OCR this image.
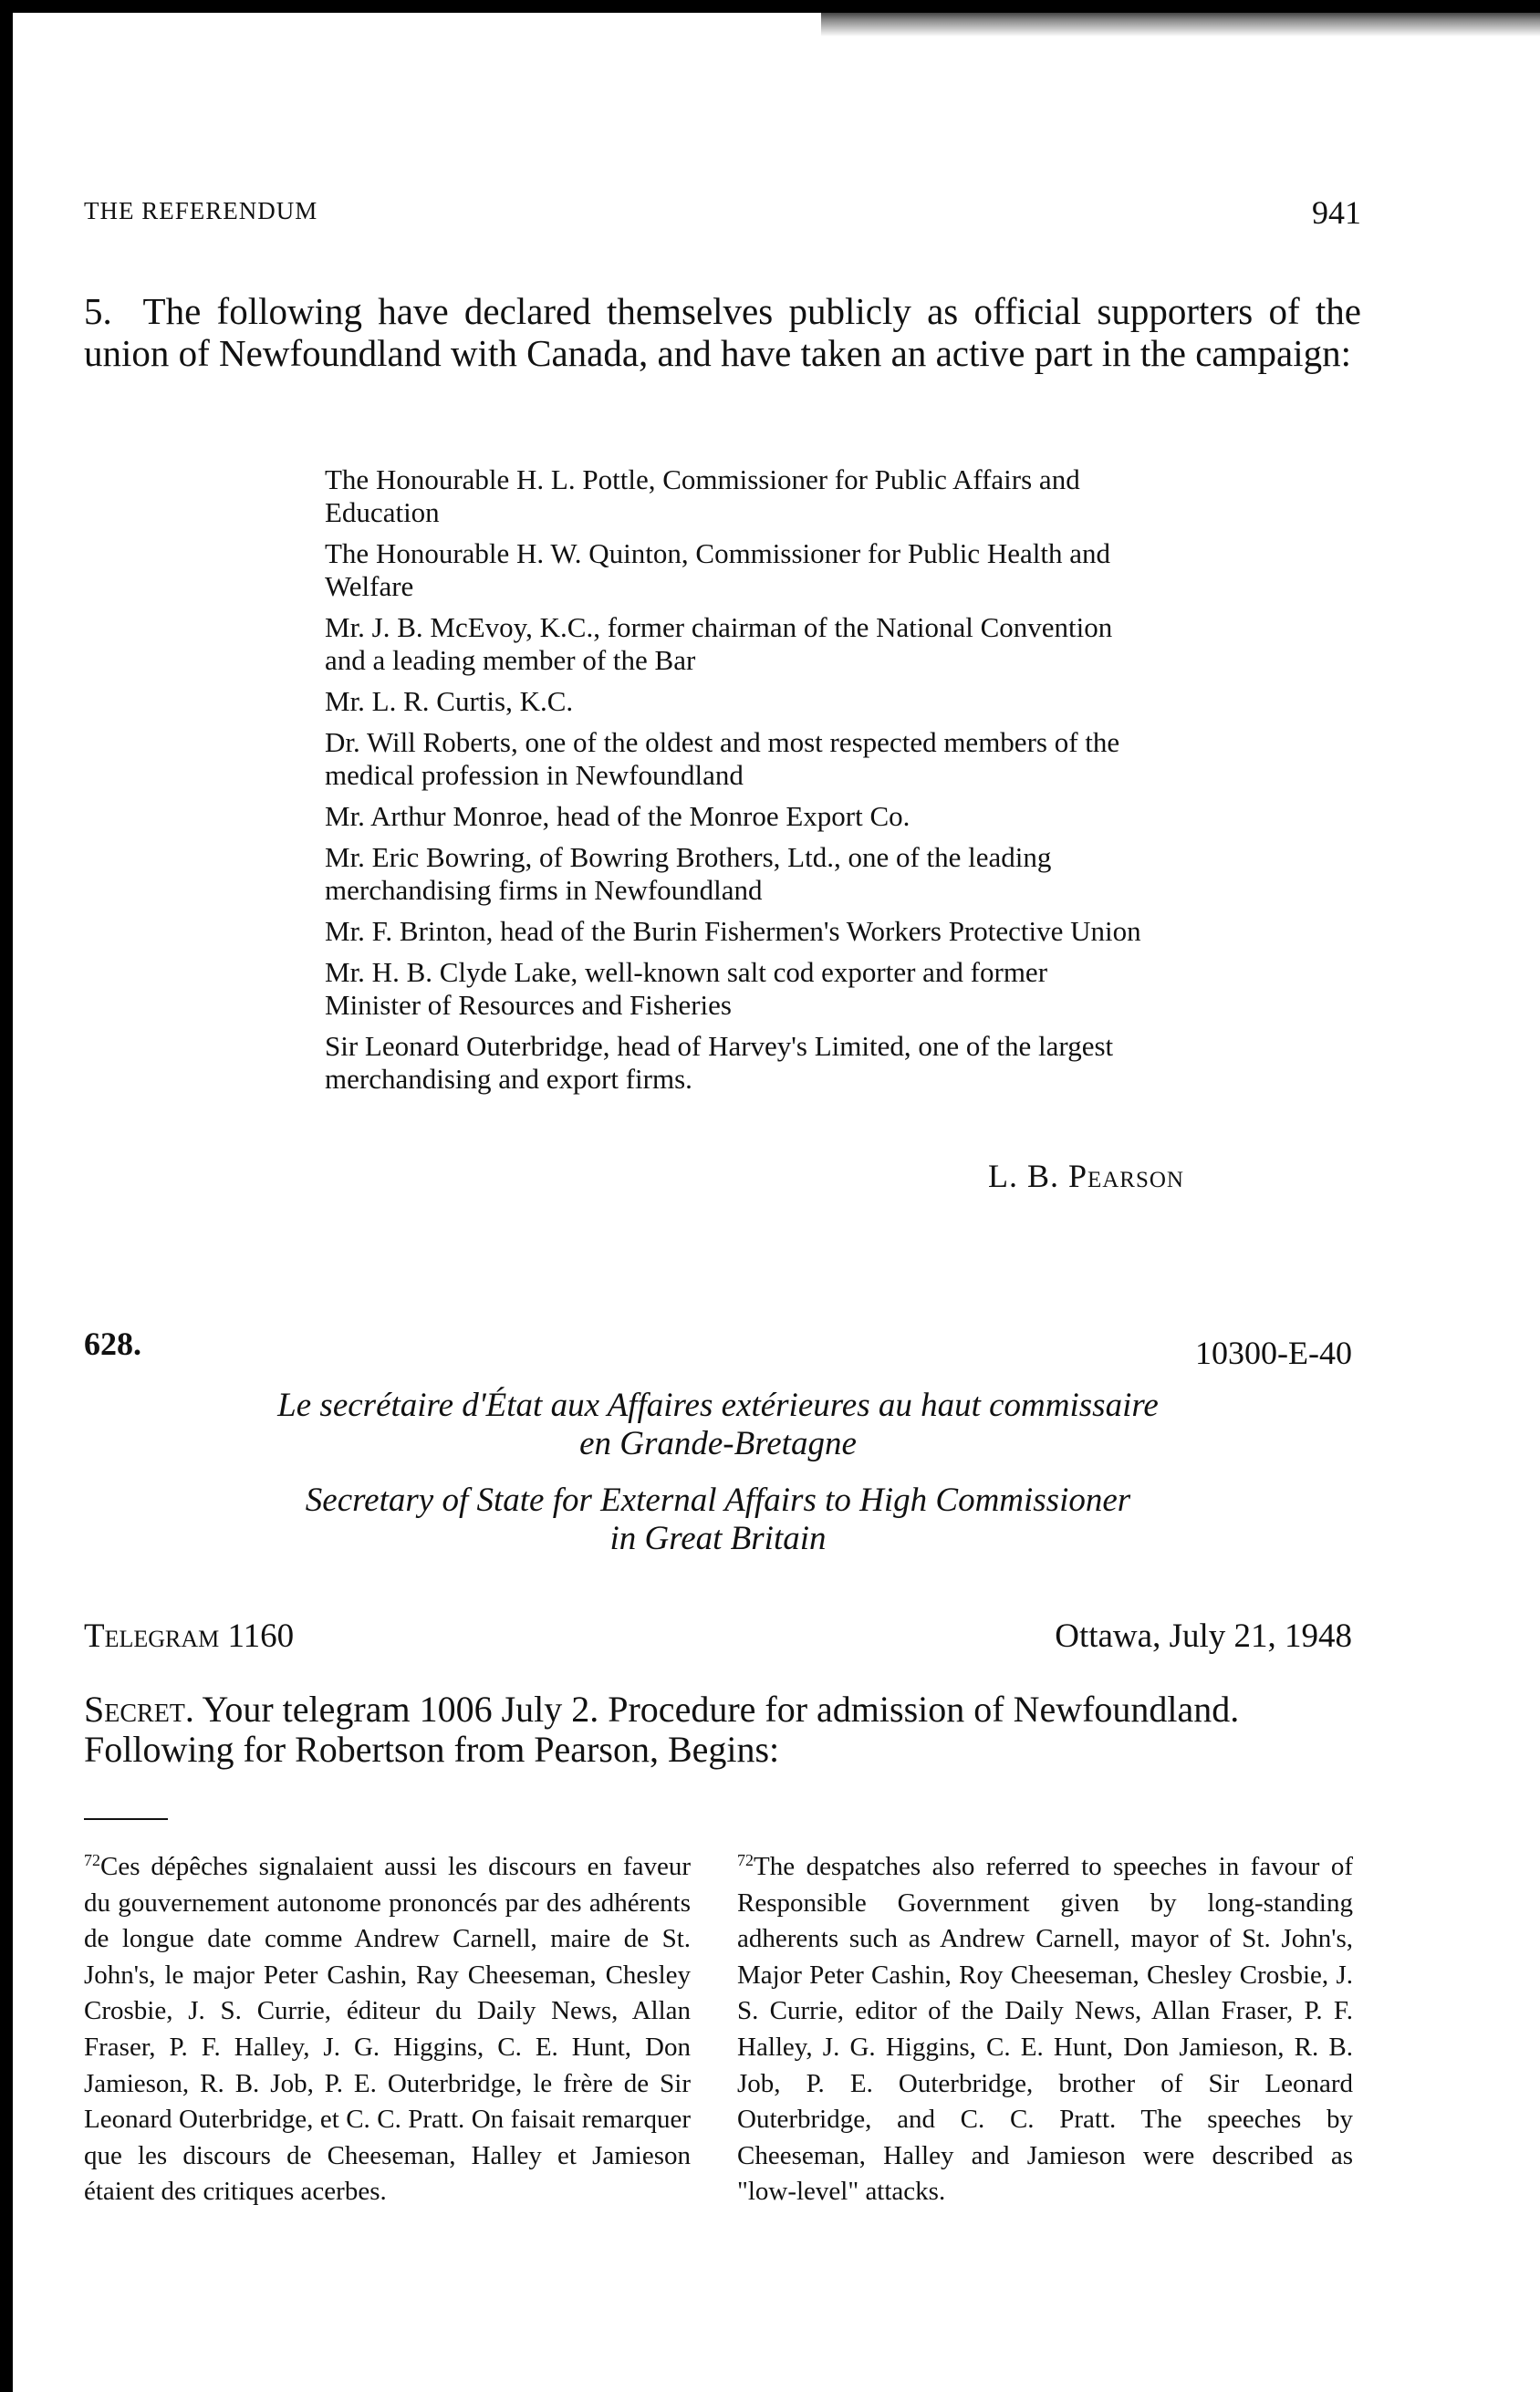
THE REFERENDUM	941

5. The following have declared themselves publicly as official supporters of the union of Newfoundland with Canada, and have taken an active part in the campaign:

The Honourable H. L. Pottle, Commissioner for Public Affairs and Education
The Honourable H. W. Quinton, Commissioner for Public Health and Welfare
Mr. J. B. McEvoy, K.C., former chairman of the National Convention and a leading member of the Bar
Mr. L. R. Curtis, K.C.
Dr. Will Roberts, one of the oldest and most respected members of the medical profession in Newfoundland
Mr. Arthur Monroe, head of the Monroe Export Co.
Mr. Eric Bowring, of Bowring Brothers, Ltd., one of the leading merchandising firms in Newfoundland
Mr. F. Brinton, head of the Burin Fishermen's Workers Protective Union
Mr. H. B. Clyde Lake, well-known salt cod exporter and former Minister of Resources and Fisheries
Sir Leonard Outerbridge, head of Harvey's Limited, one of the largest merchandising and export firms.
L. B. Pearson
628.	10300-E-40

Le secrétaire d'État aux Affaires extérieures au haut commissaire
en Grande-Bretagne

Secretary of State for External Affairs to High Commissioner
in Great Britain

Telegram 1160	Ottawa, July 21, 1948

Secret. Your telegram 1006 July 2. Procedure for admission of Newfoundland. Following for Robertson from Pearson, Begins:

$^{72}$Ces dépêches signalaient aussi les discours en faveur du gouvernement autonome prononcés par des adhérents de longue date comme Andrew Carnell, maire de St. John's, le major Peter Cashin, Ray Cheeseman, Chesley Crosbie, J. S. Currie, éditeur du Daily News, Allan Fraser, P. F. Halley, J. G. Higgins, C. E. Hunt, Don Jamieson, R. B. Job, P. E. Outerbridge, le frère de Sir Leonard Outerbridge, et C. C. Pratt. On faisait remarquer que les discours de Cheeseman, Halley et Jamieson étaient des critiques acerbes.

$^{72}$The despatches also referred to speeches in favour of Responsible Government given by long-standing adherents such as Andrew Carnell, mayor of St. John's, Major Peter Cashin, Roy Cheeseman, Chesley Crosbie, J. S. Currie, editor of the Daily News, Allan Fraser, P. F. Halley, J. G. Higgins, C. E. Hunt, Don Jamieson, R. B. Job, P. E. Outerbridge, brother of Sir Leonard Outerbridge, and C. C. Pratt. The speeches by Cheeseman, Halley and Jamieson were described as "low-level" attacks.
